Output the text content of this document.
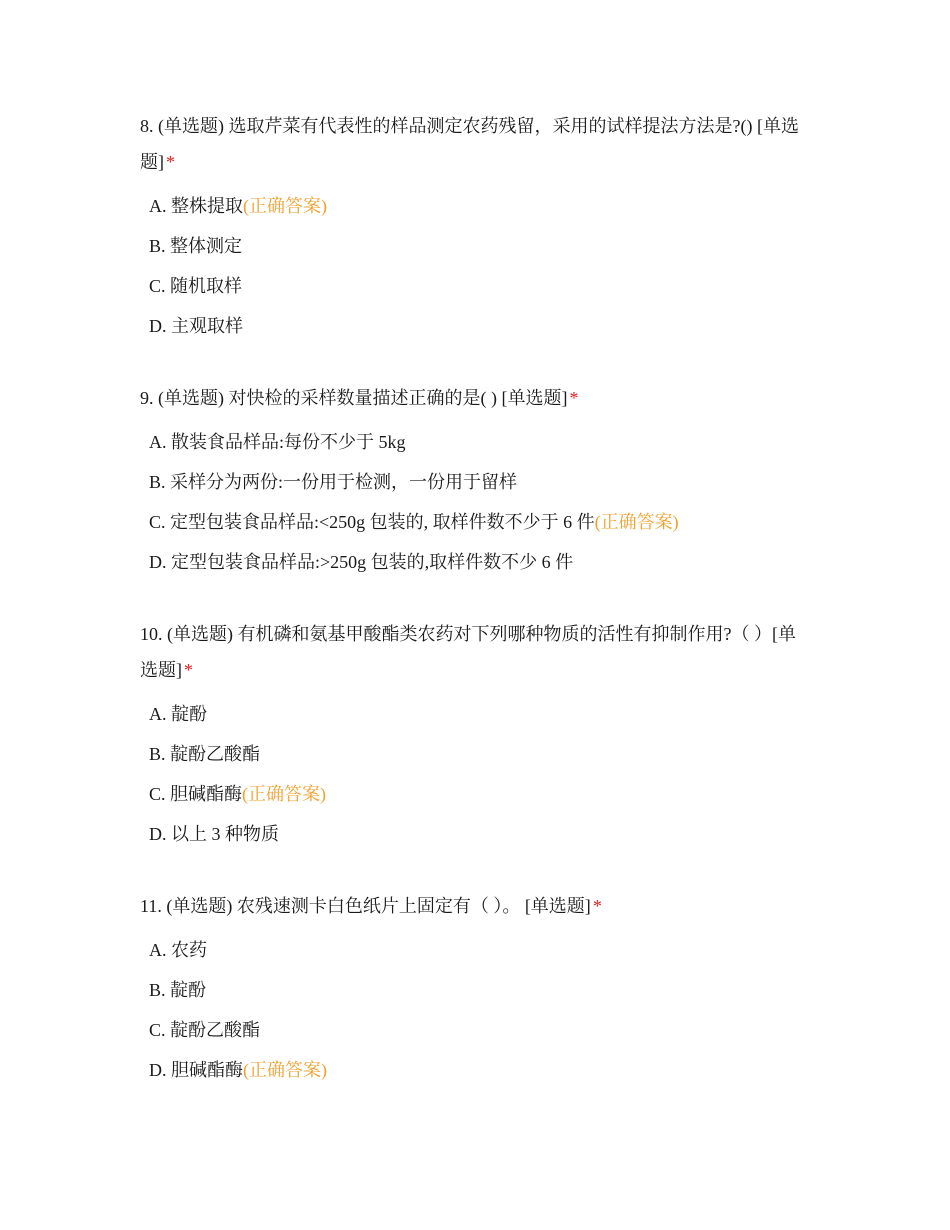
8. (单选题) 选取芹菜有代表性的样品测定农药残留，采用的试样提法方法是?() [单选题] *
A. 整株提取(正确答案)
B. 整体测定
C. 随机取样
D. 主观取样
9. (单选题) 对快检的采样数量描述正确的是( ) [单选题] *
A. 散装食品样品:每份不少于 5kg
B. 采样分为两份:一份用于检测，一份用于留样
C. 定型包装食品样品:<250g 包装的, 取样件数不少于 6 件(正确答案)
D. 定型包装食品样品:>250g 包装的,取样件数不少 6 件
10. (单选题) 有机磷和氨基甲酸酯类农药对下列哪种物质的活性有抑制作用?（ ）[单选题] *
A. 靛酚
B. 靛酚乙酸酯
C. 胆碱酯酶(正确答案)
D. 以上 3 种物质
11. (单选题) 农残速测卡白色纸片上固定有（ ）。 [单选题] *
A. 农药
B. 靛酚
C. 靛酚乙酸酯
D. 胆碱酯酶(正确答案)
